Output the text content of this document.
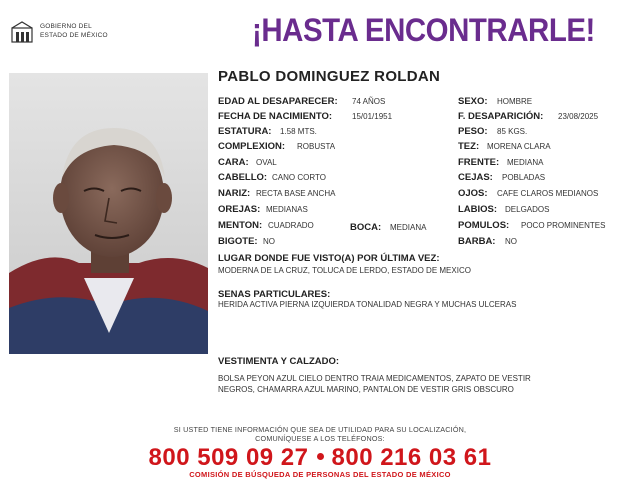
GOBIERNO DEL
ESTADO DE MÉXICO	¡HASTA ENCONTRARLE!
PABLO DOMINGUEZ ROLDAN
EDAD AL DESAPARECER: 74 AÑOS	SEXO: HOMBRE
FECHA DE NACIMIENTO:	15/01/1951	F. DESAPARICIÓN: 23/08/2025
ESTATURA: 1.58 MTS.	PESO: 85 KGS.
COMPLEXION: ROBUSTA	TEZ: MORENA CLARA
CARA: OVAL	FRENTE: MEDIANA
CABELLO: CANO CORTO	CEJAS: POBLADAS
NARIZ: RECTA BASE ANCHA	OJOS: CAFE CLAROS MEDIANOS
OREJAS: MEDIANAS	LABIOS: DELGADOS
MENTON: CUADRADO	BOCA: MEDIANA	POMULOS: POCO PROMINENTES
BIGOTE: NO	BARBA: NO
LUGAR DONDE FUE VISTO(A) POR ÚLTIMA VEZ:
MODERNA DE LA CRUZ, TOLUCA DE LERDO, ESTADO DE MEXICO
SENAS PARTICULARES:
HERIDA ACTIVA PIERNA IZQUIERDA TONALIDAD NEGRA Y MUCHAS ULCERAS
VESTIMENTA Y CALZADO:
BOLSA PEYON AZUL CIELO DENTRO TRAIA MEDICAMENTOS, ZAPATO DE VESTIR
NEGROS, CHAMARRA AZUL MARINO, PANTALON DE VESTIR GRIS OBSCURO
SI USTED TIENE INFORMACIÓN QUE SEA DE UTILIDAD PARA SU LOCALIZACIÓN,
COMUNÍQUESE A LOS TELÉFONOS:
800 509 09 27 800 216 03 61
COMISIÓN DE BÚSQUEDA DE PERSONAS DEL ESTADO DE MÉXICO
